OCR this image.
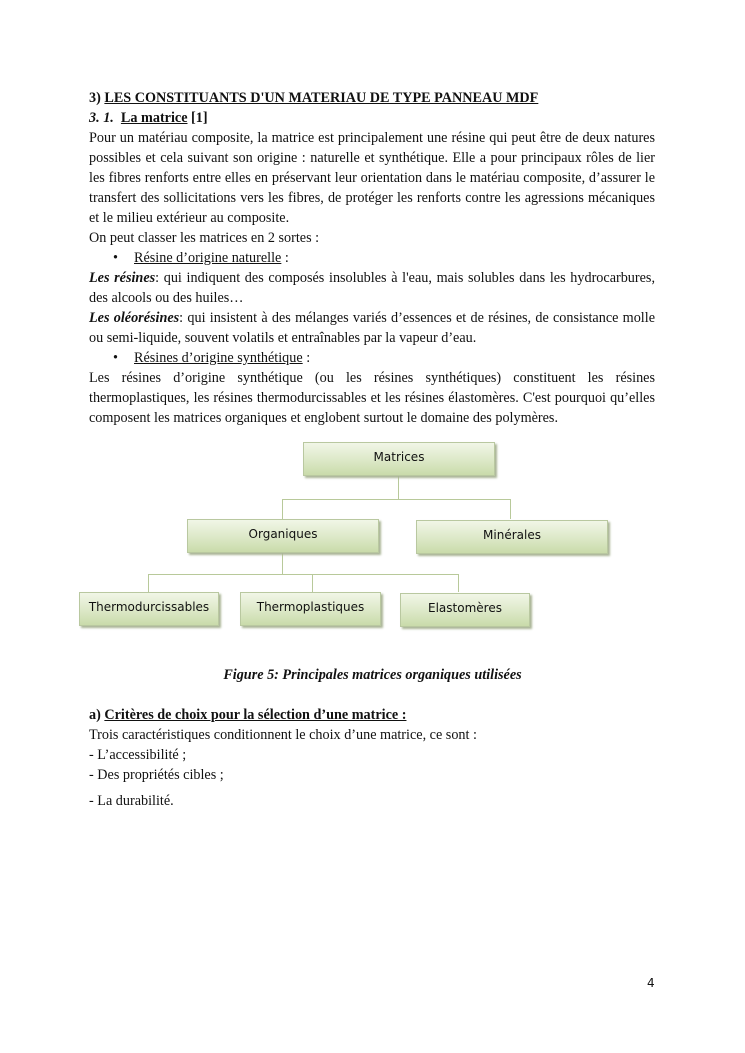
3) LES CONSTITUANTS D'UN MATERIAU DE TYPE PANNEAU MDF
3. 1. La matrice [1]
Pour un matériau composite, la matrice est principalement une résine qui peut être de deux natures possibles et cela suivant son origine : naturelle et synthétique. Elle a pour principaux rôles de lier les fibres renforts entre elles en préservant leur orientation dans le matériau composite, d’assurer le transfert des sollicitations vers les fibres, de protéger les renforts contre les agressions mécaniques et le milieu extérieur au composite.
On peut classer les matrices en 2 sortes :
• Résine d’origine naturelle :
Les résines: qui indiquent des composés insolubles à l'eau, mais solubles dans les hydrocarbures, des alcools ou des huiles…
Les oléorésines: qui insistent à des mélanges variés d’essences et de résines, de consistance molle ou semi-liquide, souvent volatils et entraînables par la vapeur d’eau.
• Résines d’origine synthétique :
Les résines d’origine synthétique (ou les résines synthétiques) constituent les résines thermoplastiques, les résines thermodurcissables et les résines élastomères. C'est pourquoi qu’elles composent les matrices organiques et englobent surtout le domaine des polymères.
Matrices
Organiques	Minérales
Thermodurcissables	Thermoplastiques	Elastomères
Figure 5: Principales matrices organiques utilisées
a) Critères de choix pour la sélection d’une matrice :
Trois caractéristiques conditionnent le choix d’une matrice, ce sont :
- L’accessibilité ;
- Des propriétés cibles ;
- La durabilité.
4
